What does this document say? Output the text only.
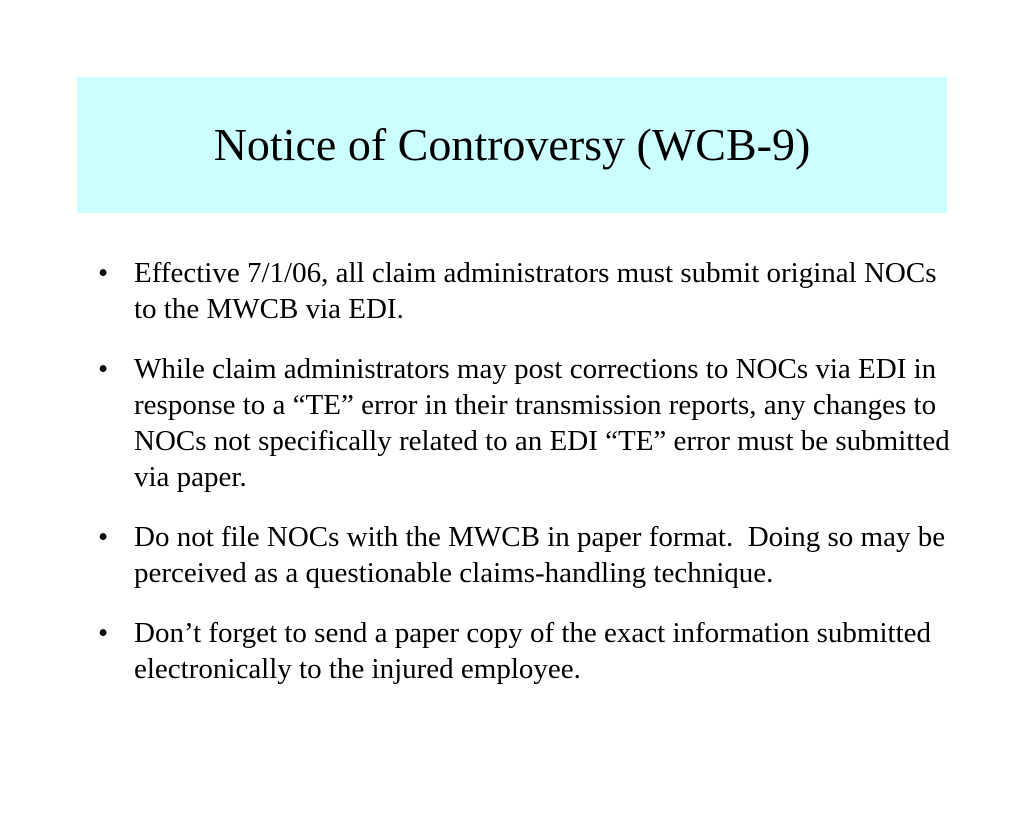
Notice of Controversy (WCB-9)
• Effective 7/1/06, all claim administrators must submit original NOCs to the MWCB via EDI.
• While claim administrators may post corrections to NOCs via EDI in response to a “TE” error in their transmission reports, any changes to NOCs not specifically related to an EDI “TE” error must be submitted via paper.
• Do not file NOCs with the MWCB in paper format.  Doing so may be perceived as a questionable claims-handling technique.
• Don’t forget to send a paper copy of the exact information submitted electronically to the injured employee.
